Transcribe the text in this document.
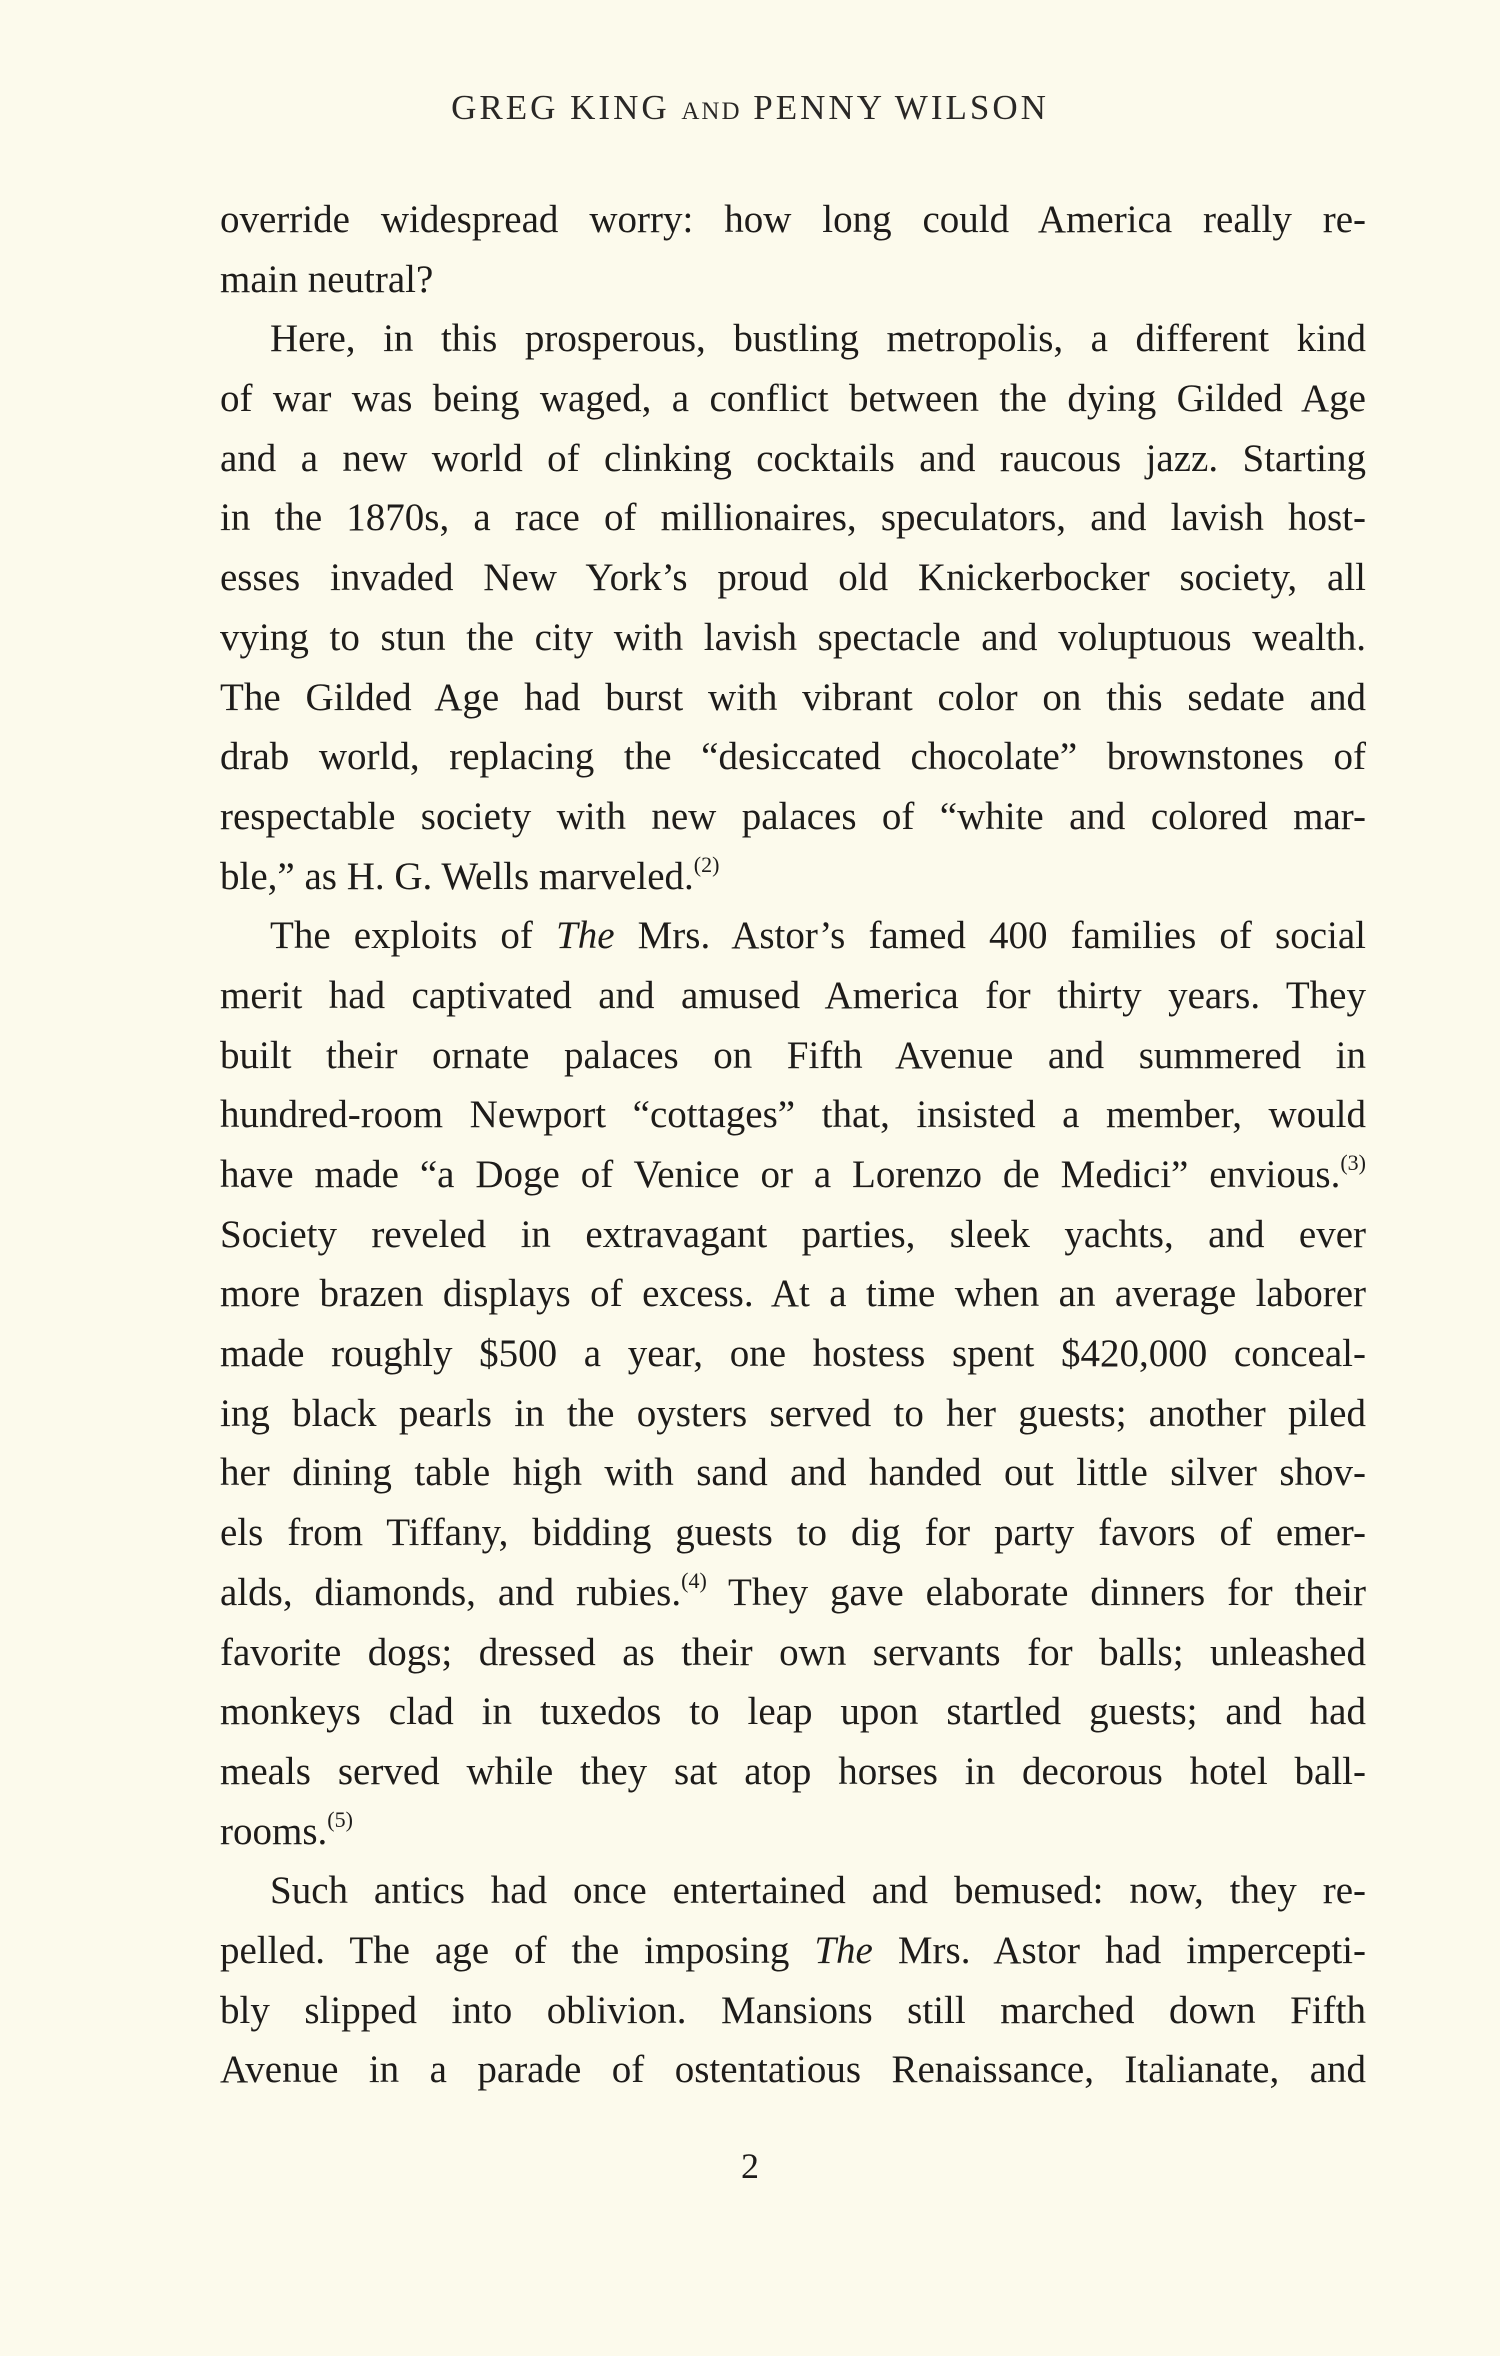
GREG KING AND PENNY WILSON
override widespread worry: how long could America really re-
main neutral?
Here, in this prosperous, bustling metropolis, a different kind
of war was being waged, a conflict between the dying Gilded Age
and a new world of clinking cocktails and raucous jazz. Starting
in the 1870s, a race of millionaires, speculators, and lavish host-
esses invaded New York’s proud old Knickerbocker society, all
vying to stun the city with lavish spectacle and voluptuous wealth.
The Gilded Age had burst with vibrant color on this sedate and
drab world, replacing the “desiccated chocolate” brownstones of
respectable society with new palaces of “white and colored mar-
ble,” as H. G. Wells marveled.$^{(2)}$
The exploits of The Mrs. Astor’s famed 400 families of social
merit had captivated and amused America for thirty years. They
built their ornate palaces on Fifth Avenue and summered in
hundred-room Newport “cottages” that, insisted a member, would
have made “a Doge of Venice or a Lorenzo de Medici” envious.$^{(3)}$
Society reveled in extravagant parties, sleek yachts, and ever
more brazen displays of excess. At a time when an average laborer
made roughly $500 a year, one hostess spent $420,000 conceal-
ing black pearls in the oysters served to her guests; another piled
her dining table high with sand and handed out little silver shov-
els from Tiffany, bidding guests to dig for party favors of emer-
alds, diamonds, and rubies.$^{(4)}$ They gave elaborate dinners for their
favorite dogs; dressed as their own servants for balls; unleashed
monkeys clad in tuxedos to leap upon startled guests; and had
meals served while they sat atop horses in decorous hotel ball-
rooms.$^{(5)}$
Such antics had once entertained and bemused: now, they re-
pelled. The age of the imposing The Mrs. Astor had impercepti-
bly slipped into oblivion. Mansions still marched down Fifth
Avenue in a parade of ostentatious Renaissance, Italianate, and
2
